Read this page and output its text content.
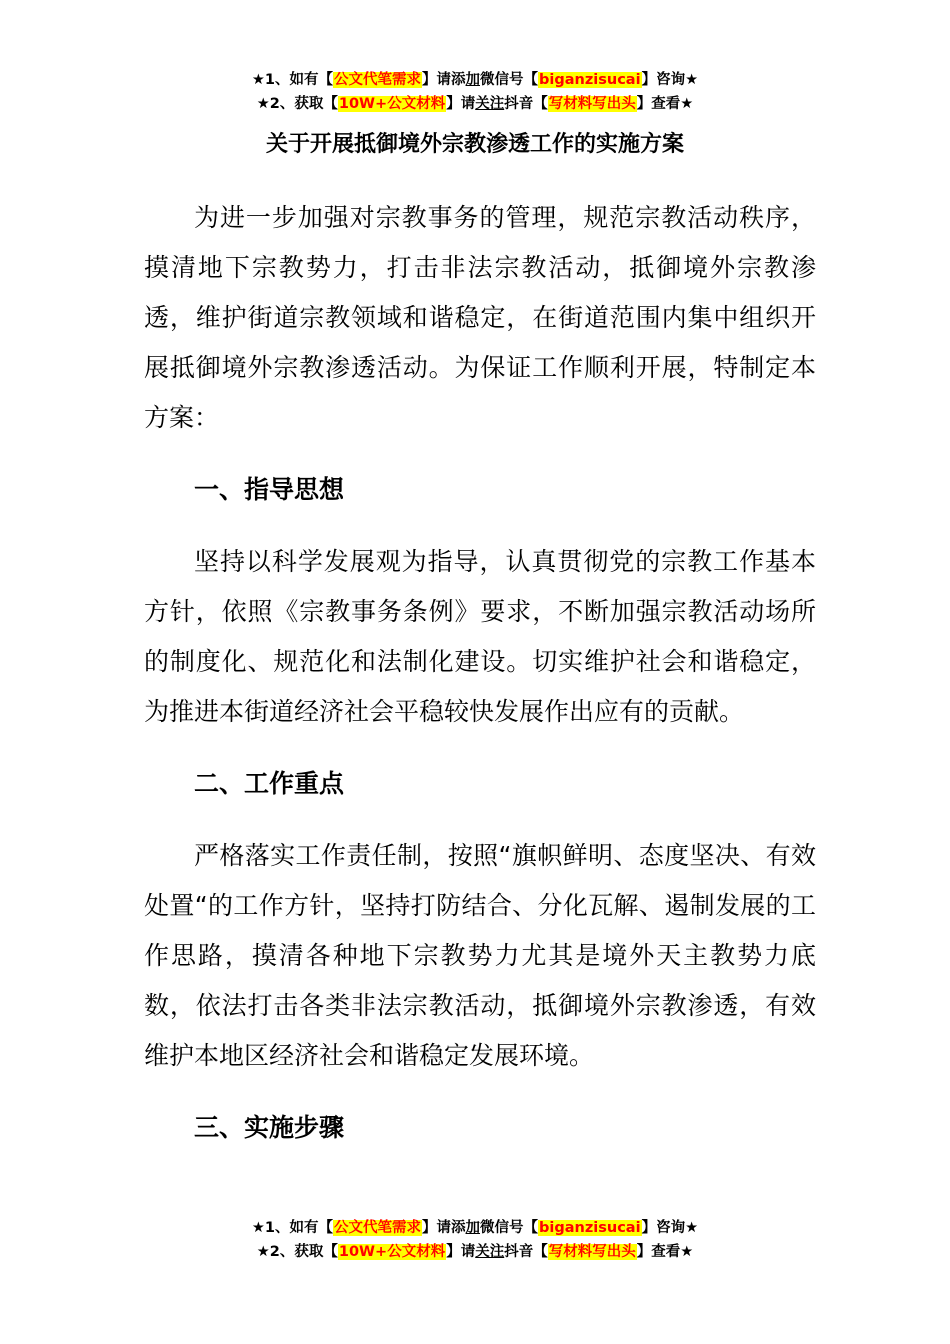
★1、如有【公文代笔需求】请添加微信号【biganzisucai】咨询★
★2、获取【10W+公文材料】请关注抖音【写材料写出头】查看★
关于开展抵御境外宗教渗透工作的实施方案

为进一步加强对宗教事务的管理，规范宗教活动秩序，摸清地下宗教势力，打击非法宗教活动，抵御境外宗教渗透，维护街道宗教领域和谐稳定，在街道范围内集中组织开展抵御境外宗教渗透活动。为保证工作顺利开展，特制定本方案：

一、指导思想

坚持以科学发展观为指导，认真贯彻党的宗教工作基本方针，依照《宗教事务条例》要求，不断加强宗教活动场所的制度化、规范化和法制化建设。切实维护社会和谐稳定，为推进本街道经济社会平稳较快发展作出应有的贡献。

二、工作重点

严格落实工作责任制，按照“旗帜鲜明、态度坚决、有效处置“的工作方针，坚持打防结合、分化瓦解、遏制发展的工作思路，摸清各种地下宗教势力尤其是境外天主教势力底数，依法打击各类非法宗教活动，抵御境外宗教渗透，有效维护本地区经济社会和谐稳定发展环境。

三、实施步骤
★1、如有【公文代笔需求】请添加微信号【biganzisucai】咨询★
★2、获取【10W+公文材料】请关注抖音【写材料写出头】查看★
